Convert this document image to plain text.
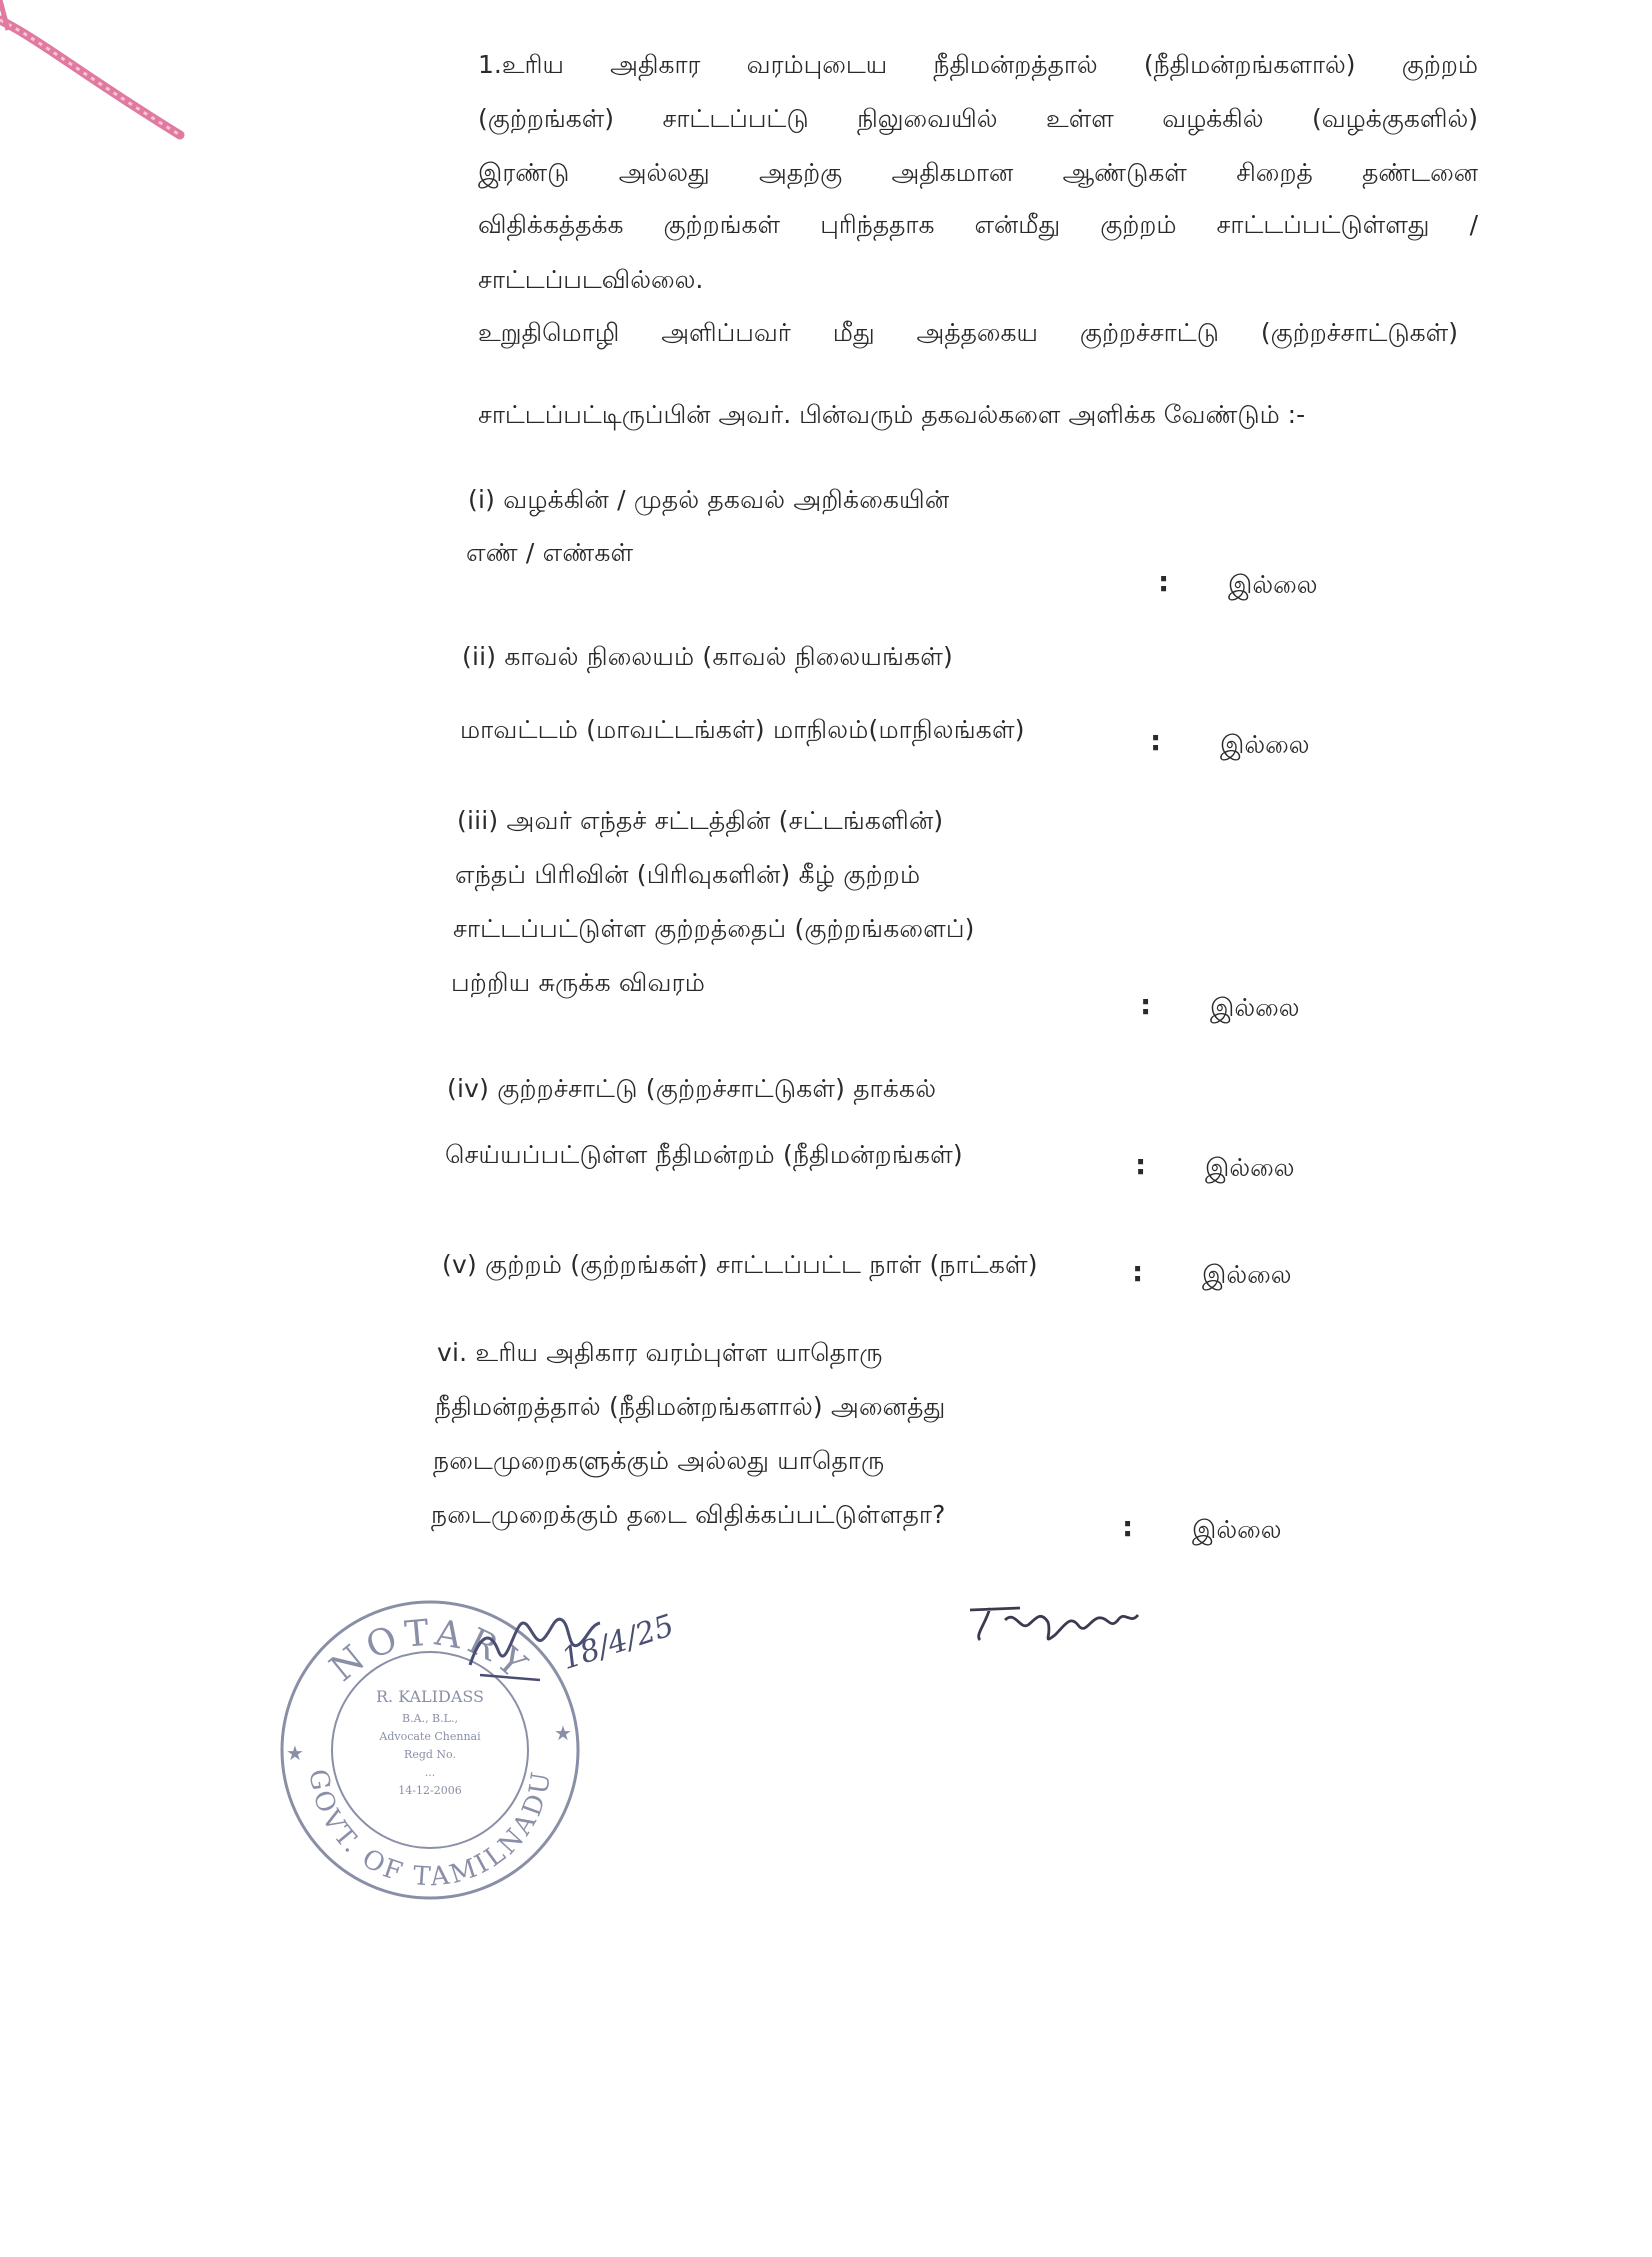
1.உரிய அதிகார வரம்புடைய நீதிமன்றத்தால் (நீதிமன்றங்களால்) குற்றம்
(குற்றங்கள்) சாட்டப்பட்டு நிலுவையில் உள்ள வழக்கில் (வழக்குகளில்)
இரண்டு அல்லது அதற்கு அதிகமான ஆண்டுகள் சிறைத் தண்டனை
விதிக்கத்தக்க குற்றங்கள் புரிந்ததாக என்மீது குற்றம் சாட்டப்பட்டுள்ளது /
சாட்டப்படவில்லை.
உறுதிமொழி அளிப்பவர் மீது அத்தகைய குற்றச்சாட்டு (குற்றச்சாட்டுகள்)
சாட்டப்பட்டிருப்பின் அவர். பின்வரும் தகவல்களை அளிக்க வேண்டும் :-
(i) வழக்கின் / முதல் தகவல் அறிக்கையின்
எண் / எண்கள்
: இல்லை
(ii) காவல் நிலையம் (காவல் நிலையங்கள்)
மாவட்டம் (மாவட்டங்கள்) மாநிலம்(மாநிலங்கள்)	: இல்லை
(iii) அவர் எந்தச் சட்டத்தின் (சட்டங்களின்)
எந்தப் பிரிவின் (பிரிவுகளின்) கீழ் குற்றம்
சாட்டப்பட்டுள்ள குற்றத்தைப் (குற்றங்களைப்)
பற்றிய சுருக்க விவரம்
: இல்லை
(iv) குற்றச்சாட்டு (குற்றச்சாட்டுகள்) தாக்கல்
செய்யப்பட்டுள்ள நீதிமன்றம் (நீதிமன்றங்கள்)	: இல்லை
(v) குற்றம் (குற்றங்கள்) சாட்டப்பட்ட நாள் (நாட்கள்)	: இல்லை
vi. உரிய அதிகார வரம்புள்ள யாதொரு
நீதிமன்றத்தால் (நீதிமன்றங்களால்) அனைத்து
நடைமுறைகளுக்கும் அல்லது யாதொரு
நடைமுறைக்கும் தடை விதிக்கப்பட்டுள்ளதா?	: இல்லை
NOTARY
GOVT. OF TAMILNADU
★
★
R. KALIDASS
B.A., B.L.,
Advocate Chennai
Regd No.
...
14-12-2006
18/4/25
